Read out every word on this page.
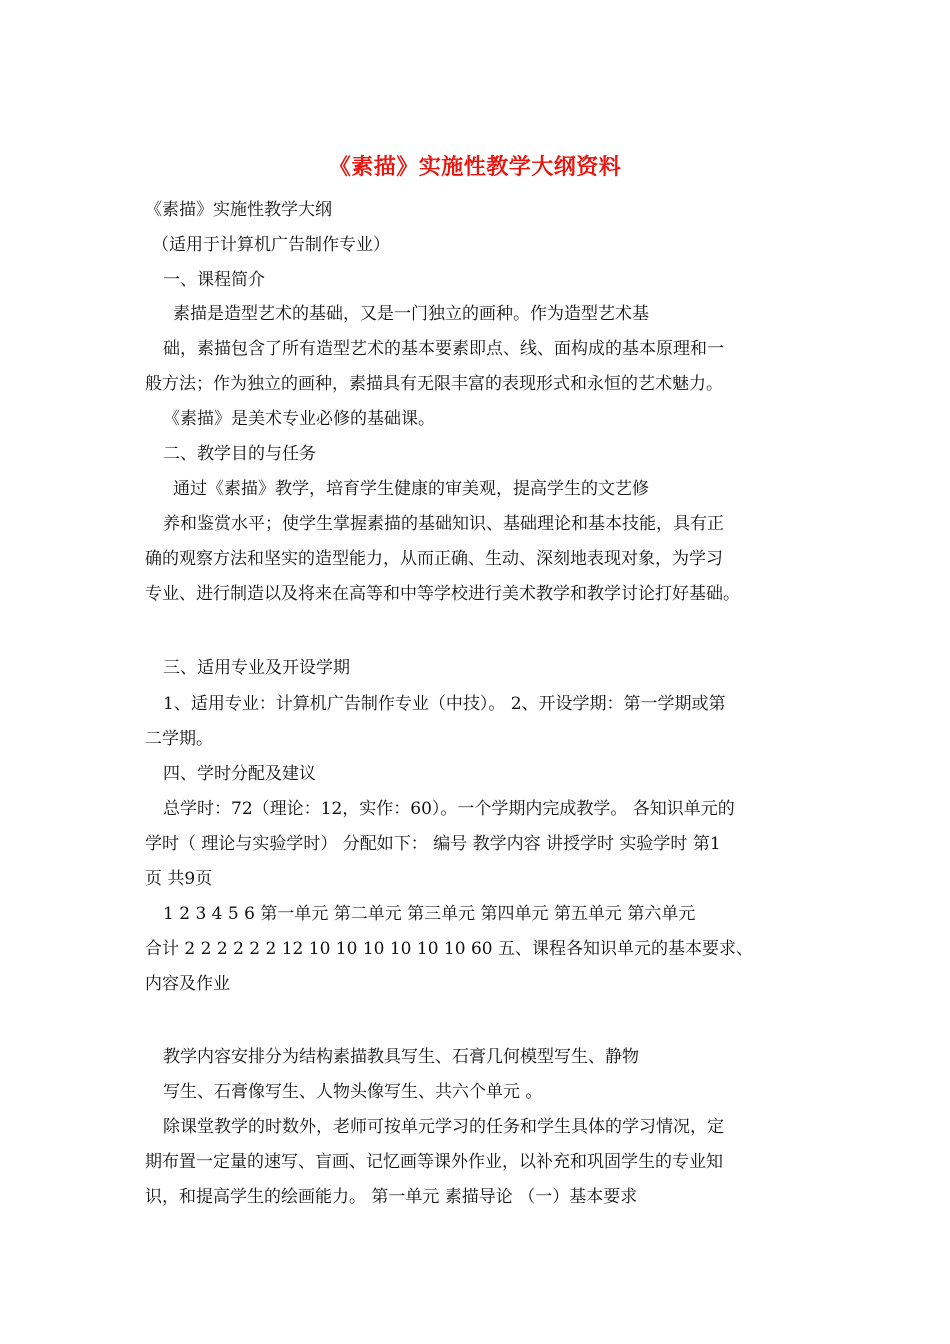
《素描》实施性教学大纲资料
《素描》实施性教学大纲
（适用于计算机广告制作专业）
一、课程简介
素描是造型艺术的基础，又是一门独立的画种。作为造型艺术基
础，素描包含了所有造型艺术的基本要素即点、线、面构成的基本原理和一
般方法；作为独立的画种，素描具有无限丰富的表现形式和永恒的艺术魅力。
《素描》是美术专业必修的基础课。
二、教学目的与任务
通过《素描》教学，培育学生健康的审美观，提高学生的文艺修
养和鉴赏水平；使学生掌握素描的基础知识、基础理论和基本技能，具有正
确的观察方法和坚实的造型能力，从而正确、生动、深刻地表现对象，为学习
专业、进行制造以及将来在高等和中等学校进行美术教学和教学讨论打好基础。
三、适用专业及开设学期
1、适用专业：计算机广告制作专业（中技）。 2、开设学期：第一学期或第
二学期。
四、学时分配及建议
总学时：72（理论：12，实作：60）。一个学期内完成教学。 各知识单元的
学时（ 理论与实验学时） 分配如下： 编号 教学内容 讲授学时 实验学时 第1
页 共9页
1 2 3 4 5 6 第一单元 第二单元 第三单元 第四单元 第五单元 第六单元
合计 2 2 2 2 2 2 12 10 10 10 10 10 10 60 五、课程各知识单元的基本要求、
内容及作业
教学内容安排分为结构素描教具写生、石膏几何模型写生、静物
写生、石膏像写生、人物头像写生、共六个单元 。
除课堂教学的时数外，老师可按单元学习的任务和学生具体的学习情况，定
期布置一定量的速写、盲画、记忆画等课外作业，以补充和巩固学生的专业知
识，和提高学生的绘画能力。 第一单元 素描导论 （一）基本要求
